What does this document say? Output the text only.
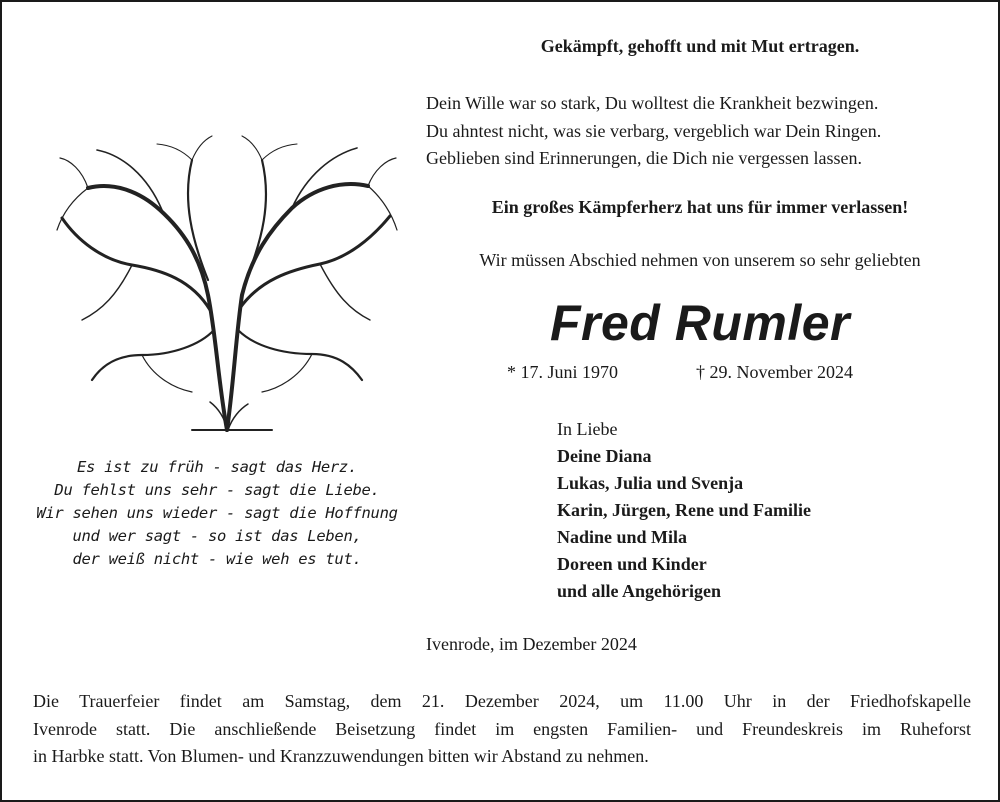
Gekämpft, gehofft und mit Mut ertragen.

Dein Wille war so stark, Du wolltest die Krankheit bezwingen.
Du ahntest nicht, was sie verbarg, vergeblich war Dein Ringen.
Geblieben sind Erinnerungen, die Dich nie vergessen lassen.

Ein großes Kämpferherz hat uns für immer verlassen!

Wir müssen Abschied nehmen von unserem so sehr geliebten

Fred Rumler

* 17. Juni 1970	† 29. November 2024

In Liebe
Deine Diana
Lukas, Julia und Svenja
Karin, Jürgen, Rene und Familie
Nadine und Mila
Doreen und Kinder
und alle Angehörigen
Es ist zu früh - sagt das Herz.
Du fehlst uns sehr - sagt die Liebe.
Wir sehen uns wieder - sagt die Hoffnung
und wer sagt - so ist das Leben,
der weiß nicht - wie weh es tut.

Ivenrode, im Dezember 2024

Die Trauerfeier findet am Samstag, dem 21. Dezember 2024, um 11.00 Uhr in der Friedhofskapelle
Ivenrode statt. Die anschließende Beisetzung findet im engsten Familien- und Freundeskreis im Ruheforst
in Harbke statt. Von Blumen- und Kranzzuwendungen bitten wir Abstand zu nehmen.
